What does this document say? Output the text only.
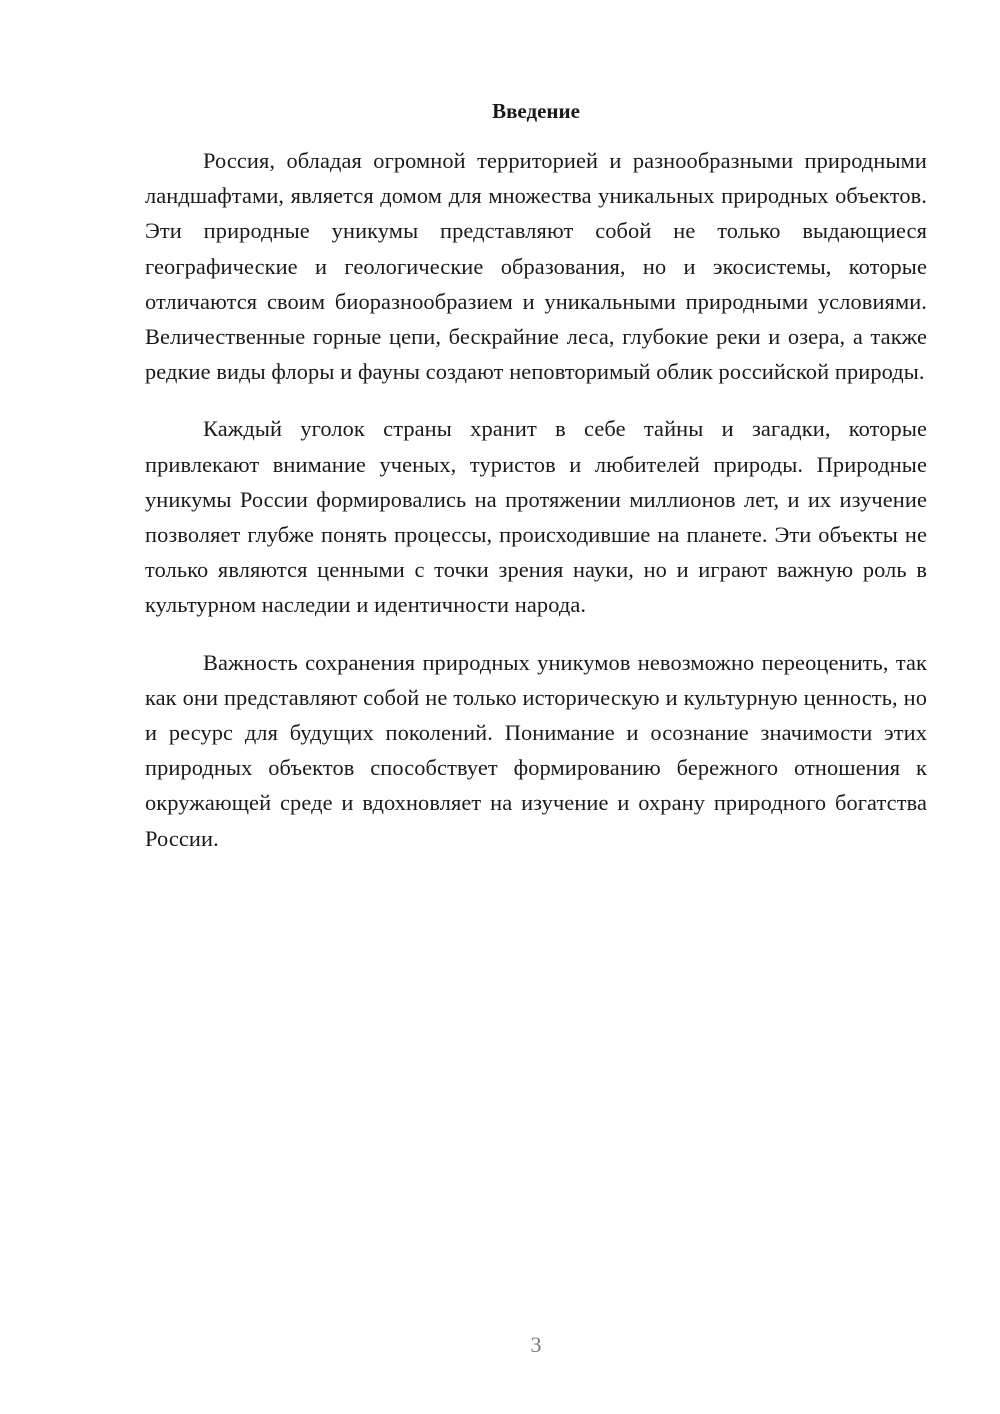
Введение

Россия, обладая огромной территорией и разнообразными природными ландшафтами, является домом для множества уникальных природных объектов. Эти природные уникумы представляют собой не только выдающиеся географические и геологические образования, но и экосистемы, которые отличаются своим биоразнообразием и уникальными природными условиями. Величественные горные цепи, бескрайние леса, глубокие реки и озера, а также редкие виды флоры и фауны создают неповторимый облик российской природы.

Каждый уголок страны хранит в себе тайны и загадки, которые привлекают внимание ученых, туристов и любителей природы. Природные уникумы России формировались на протяжении миллионов лет, и их изучение позволяет глубже понять процессы, происходившие на планете. Эти объекты не только являются ценными с точки зрения науки, но и играют важную роль в культурном наследии и идентичности народа.

Важность сохранения природных уникумов невозможно переоценить, так как они представляют собой не только историческую и культурную ценность, но и ресурс для будущих поколений. Понимание и осознание значимости этих природных объектов способствует формированию бережного отношения к окружающей среде и вдохновляет на изучение и охрану природного богатства России.

3
